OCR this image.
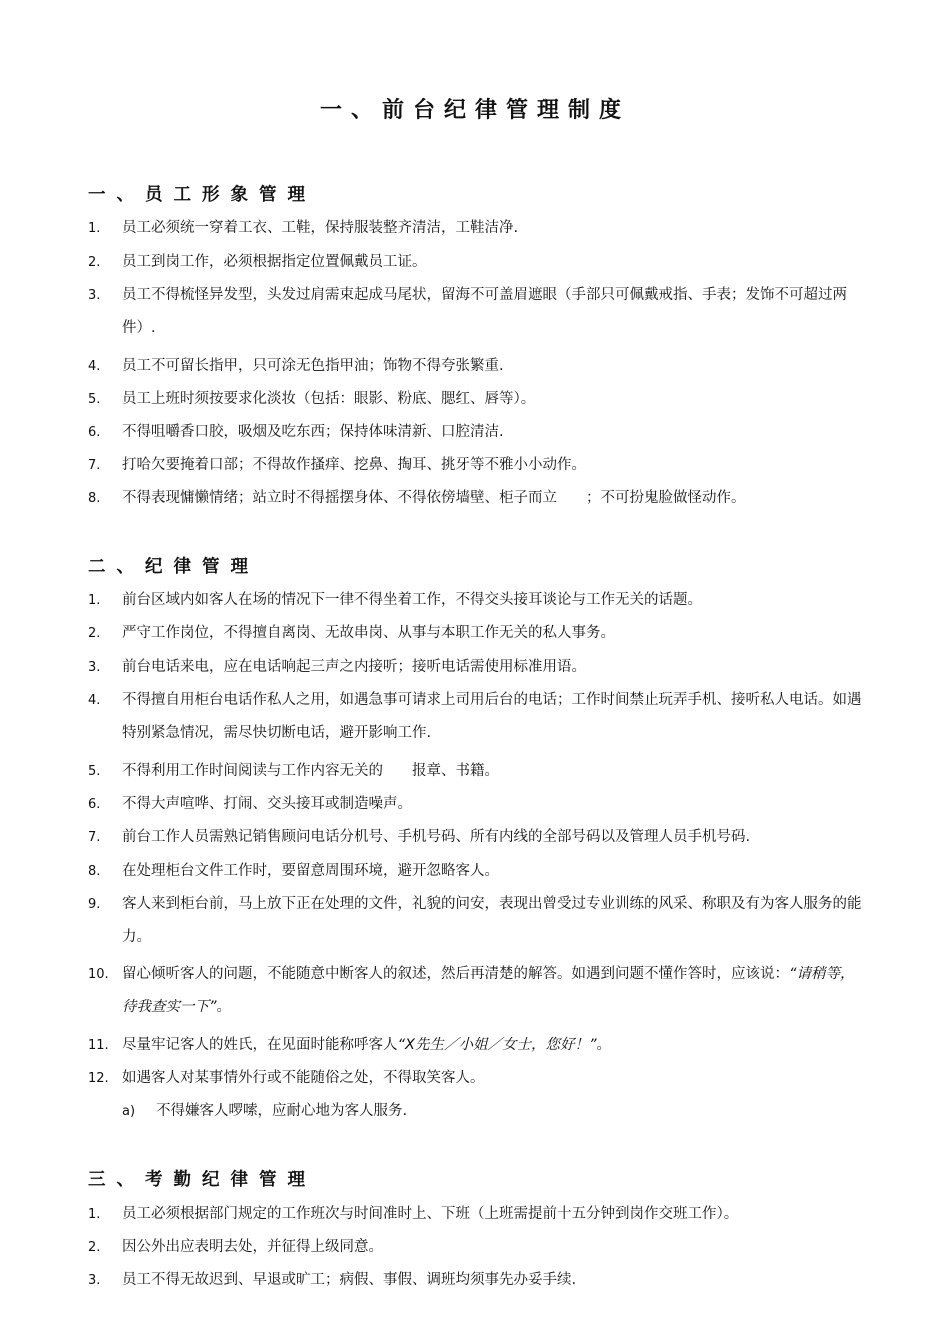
一、前台纪律管理制度
一、员工形象管理
1.	员工必须统一穿着工衣、工鞋，保持服装整齐清洁，工鞋洁净.
2.	员工到岗工作，必须根据指定位置佩戴员工证。
3.	员工不得梳怪异发型，头发过肩需束起成马尾状，留海不可盖眉遮眼（手部只可佩戴戒指、手表；发饰不可超过两件）.
4.	员工不可留长指甲，只可涂无色指甲油；饰物不得夸张繁重.
5.	员工上班时须按要求化淡妆（包括：眼影、粉底、腮红、唇等）。
6.	不得咀嚼香口胶，吸烟及吃东西；保持体味清新、口腔清洁.
7.	打哈欠要掩着口部；不得故作搔痒、挖鼻、掏耳、挑牙等不雅小小动作。
8.	不得表现慵懒情绪；站立时不得摇摆身体、不得依傍墙壁、柜子而立　　；不可扮鬼脸做怪动作。
二、纪律管理
1.	前台区域内如客人在场的情况下一律不得坐着工作，不得交头接耳谈论与工作无关的话题。
2.	严守工作岗位，不得擅自离岗、无故串岗、从事与本职工作无关的私人事务。
3.	前台电话来电，应在电话响起三声之内接听；接听电话需使用标准用语。
4.	不得擅自用柜台电话作私人之用，如遇急事可请求上司用后台的电话；工作时间禁止玩弄手机、接听私人电话。如遇特别紧急情况，需尽快切断电话，避开影响工作.
5.	不得利用工作时间阅读与工作内容无关的　　报章、书籍。
6.	不得大声喧哗、打闹、交头接耳或制造噪声。
7.	前台工作人员需熟记销售顾问电话分机号、手机号码、所有内线的全部号码以及管理人员手机号码.
8.	在处理柜台文件工作时，要留意周围环境，避开忽略客人。
9.	客人来到柜台前，马上放下正在处理的文件，礼貌的问安，表现出曾受过专业训练的风采、称职及有为客人服务的能力。
10. 留心倾听客人的问题，不能随意中断客人的叙述，然后再清楚的解答。如遇到问题不懂作答时，应该说：“请稍等，待我查实一下”。
11. 尽量牢记客人的姓氏，在见面时能称呼客人“X先生／小姐／女士，您好！”。
12. 如遇客人对某事情外行或不能随俗之处，不得取笑客人。
a)	不得嫌客人啰嗦，应耐心地为客人服务.
三、考勤纪律管理
1.	员工必须根据部门规定的工作班次与时间准时上、下班（上班需提前十五分钟到岗作交班工作）。
2.	因公外出应表明去处，并征得上级同意。
3.	员工不得无故迟到、早退或旷工；病假、事假、调班均须事先办妥手续.
